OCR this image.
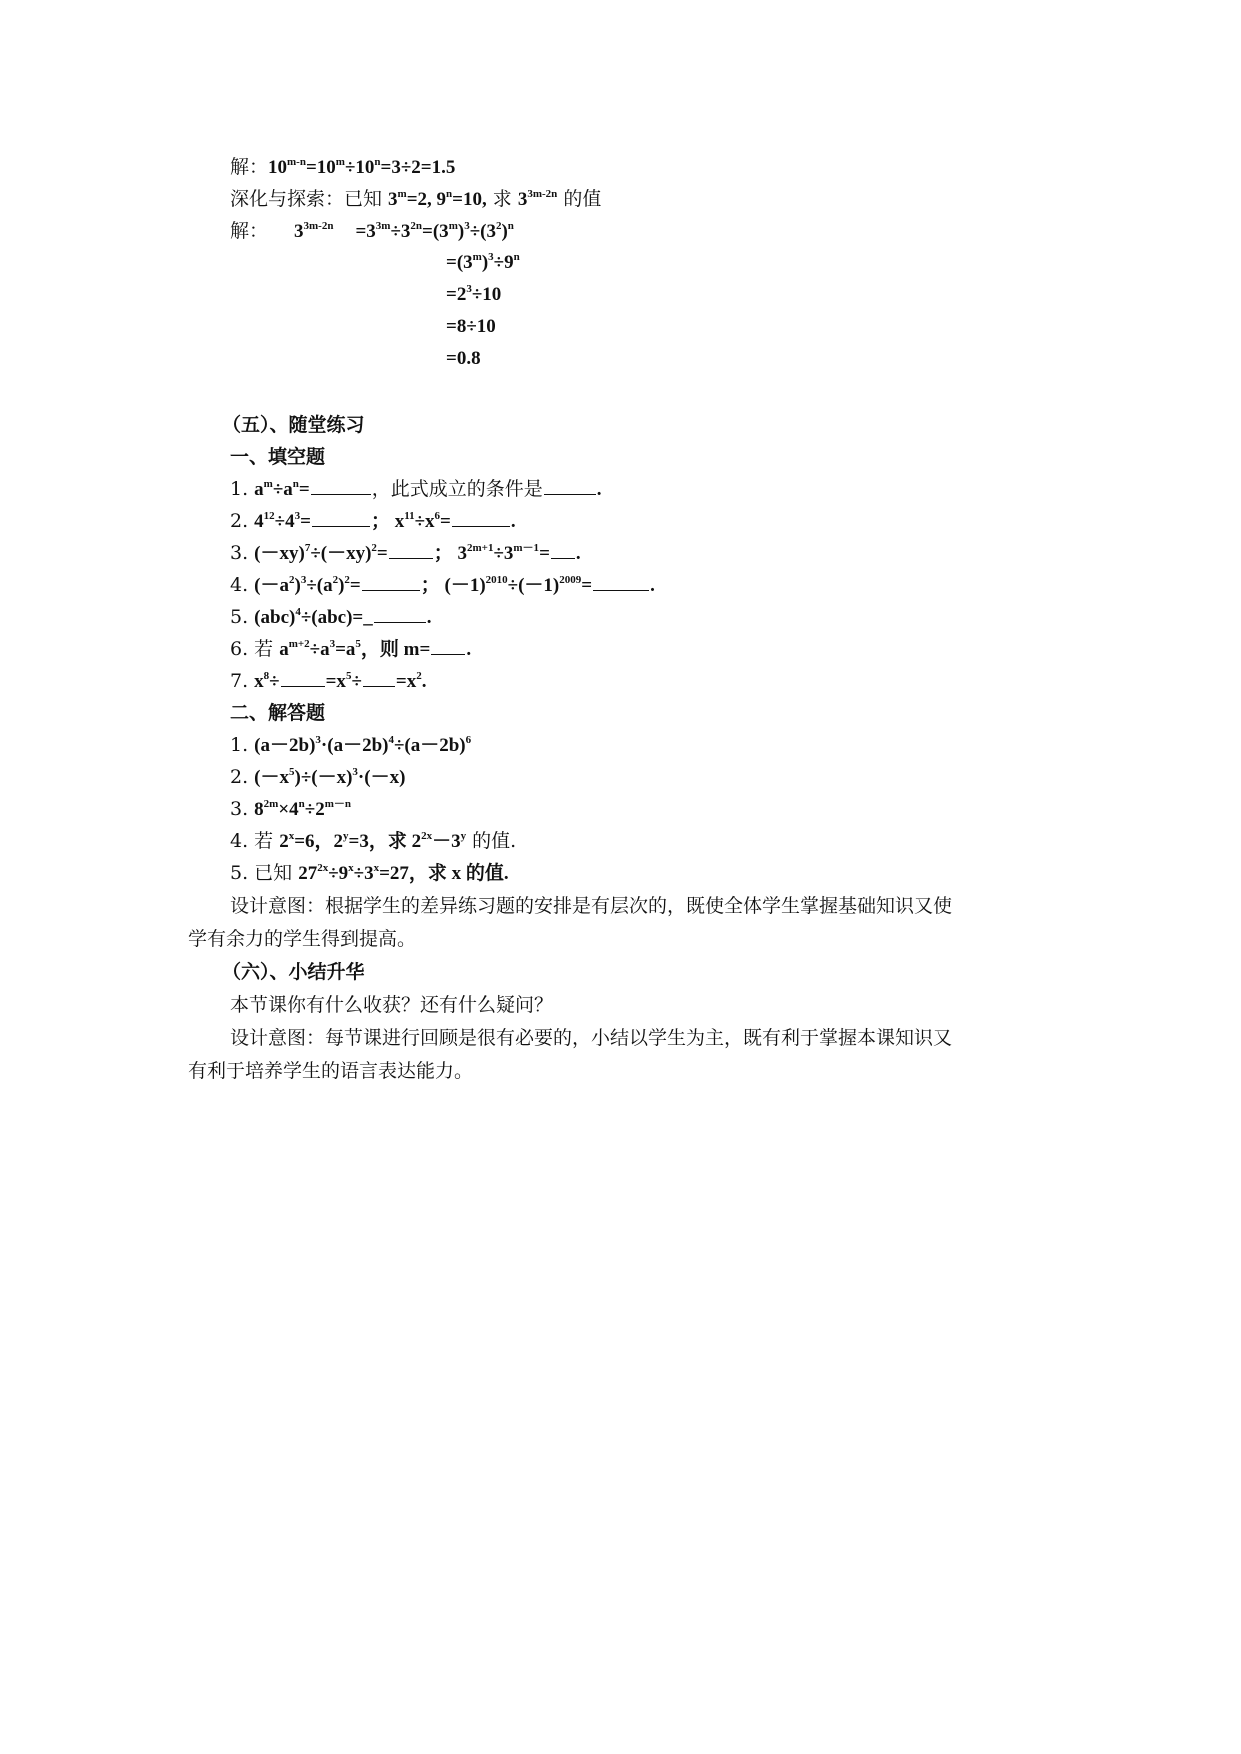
解：$10^{m-n}=10^m\div 10^n=3\div 2=1.5$
深化与探索：已知 $3^m=2$, $9^n=10$, 求 $3^{3m-2n}$ 的值
解： $3^{3m-2n} =3^{3m}\div 3^{2n}=(3^m)^3\div(3^2)^n$
$=(3^m)^3\div 9^n$
$=2^3\div 10$
=8÷10
=0.8
（五）、随堂练习
一、填空题
1. $a^m\div a^n=$	，此式成立的条件是	.
2. $4^{12}\div 4^3=$	； $x^{11}\div x^6=$	.
3. $(-xy)^7\div(-xy)^2=$ ； $3^{2m+1}\div 3^{m-1}=$ .
4. $(-a^2)^3\div(a^2)^2=$	； $(-1)^{2010}\div(-1)^{2009}=$	.
5. (abc)$^4$÷(abc)=_	.
6. 若 $a^{m+2}\div a^3=a^5$，则 m= .
7. $x^8\div =x^5\div =x^2$.
二、解答题
1. $(a-2b)^3\cdot(a-2b)^4\div(a-2b)^6$
2. $(-x^5)\div(-x)^3\cdot(-x)$
3. $8^{2m}\times 4^n\div 2^{m-n}$
4. 若 $2^x=6$，$2^y=3$，求 $2^{2x}-3^y$ 的值.
5. 已知 $27^{2x}\div 9^x\div 3^x=27$，求 x 的值.
设计意图：根据学生的差异练习题的安排是有层次的，既使全体学生掌握基础知识又使
学有余力的学生得到提高。
（六）、小结升华
本节课你有什么收获？还有什么疑问？
设计意图：每节课进行回顾是很有必要的，小结以学生为主，既有利于掌握本课知识又
有利于培养学生的语言表达能力。
